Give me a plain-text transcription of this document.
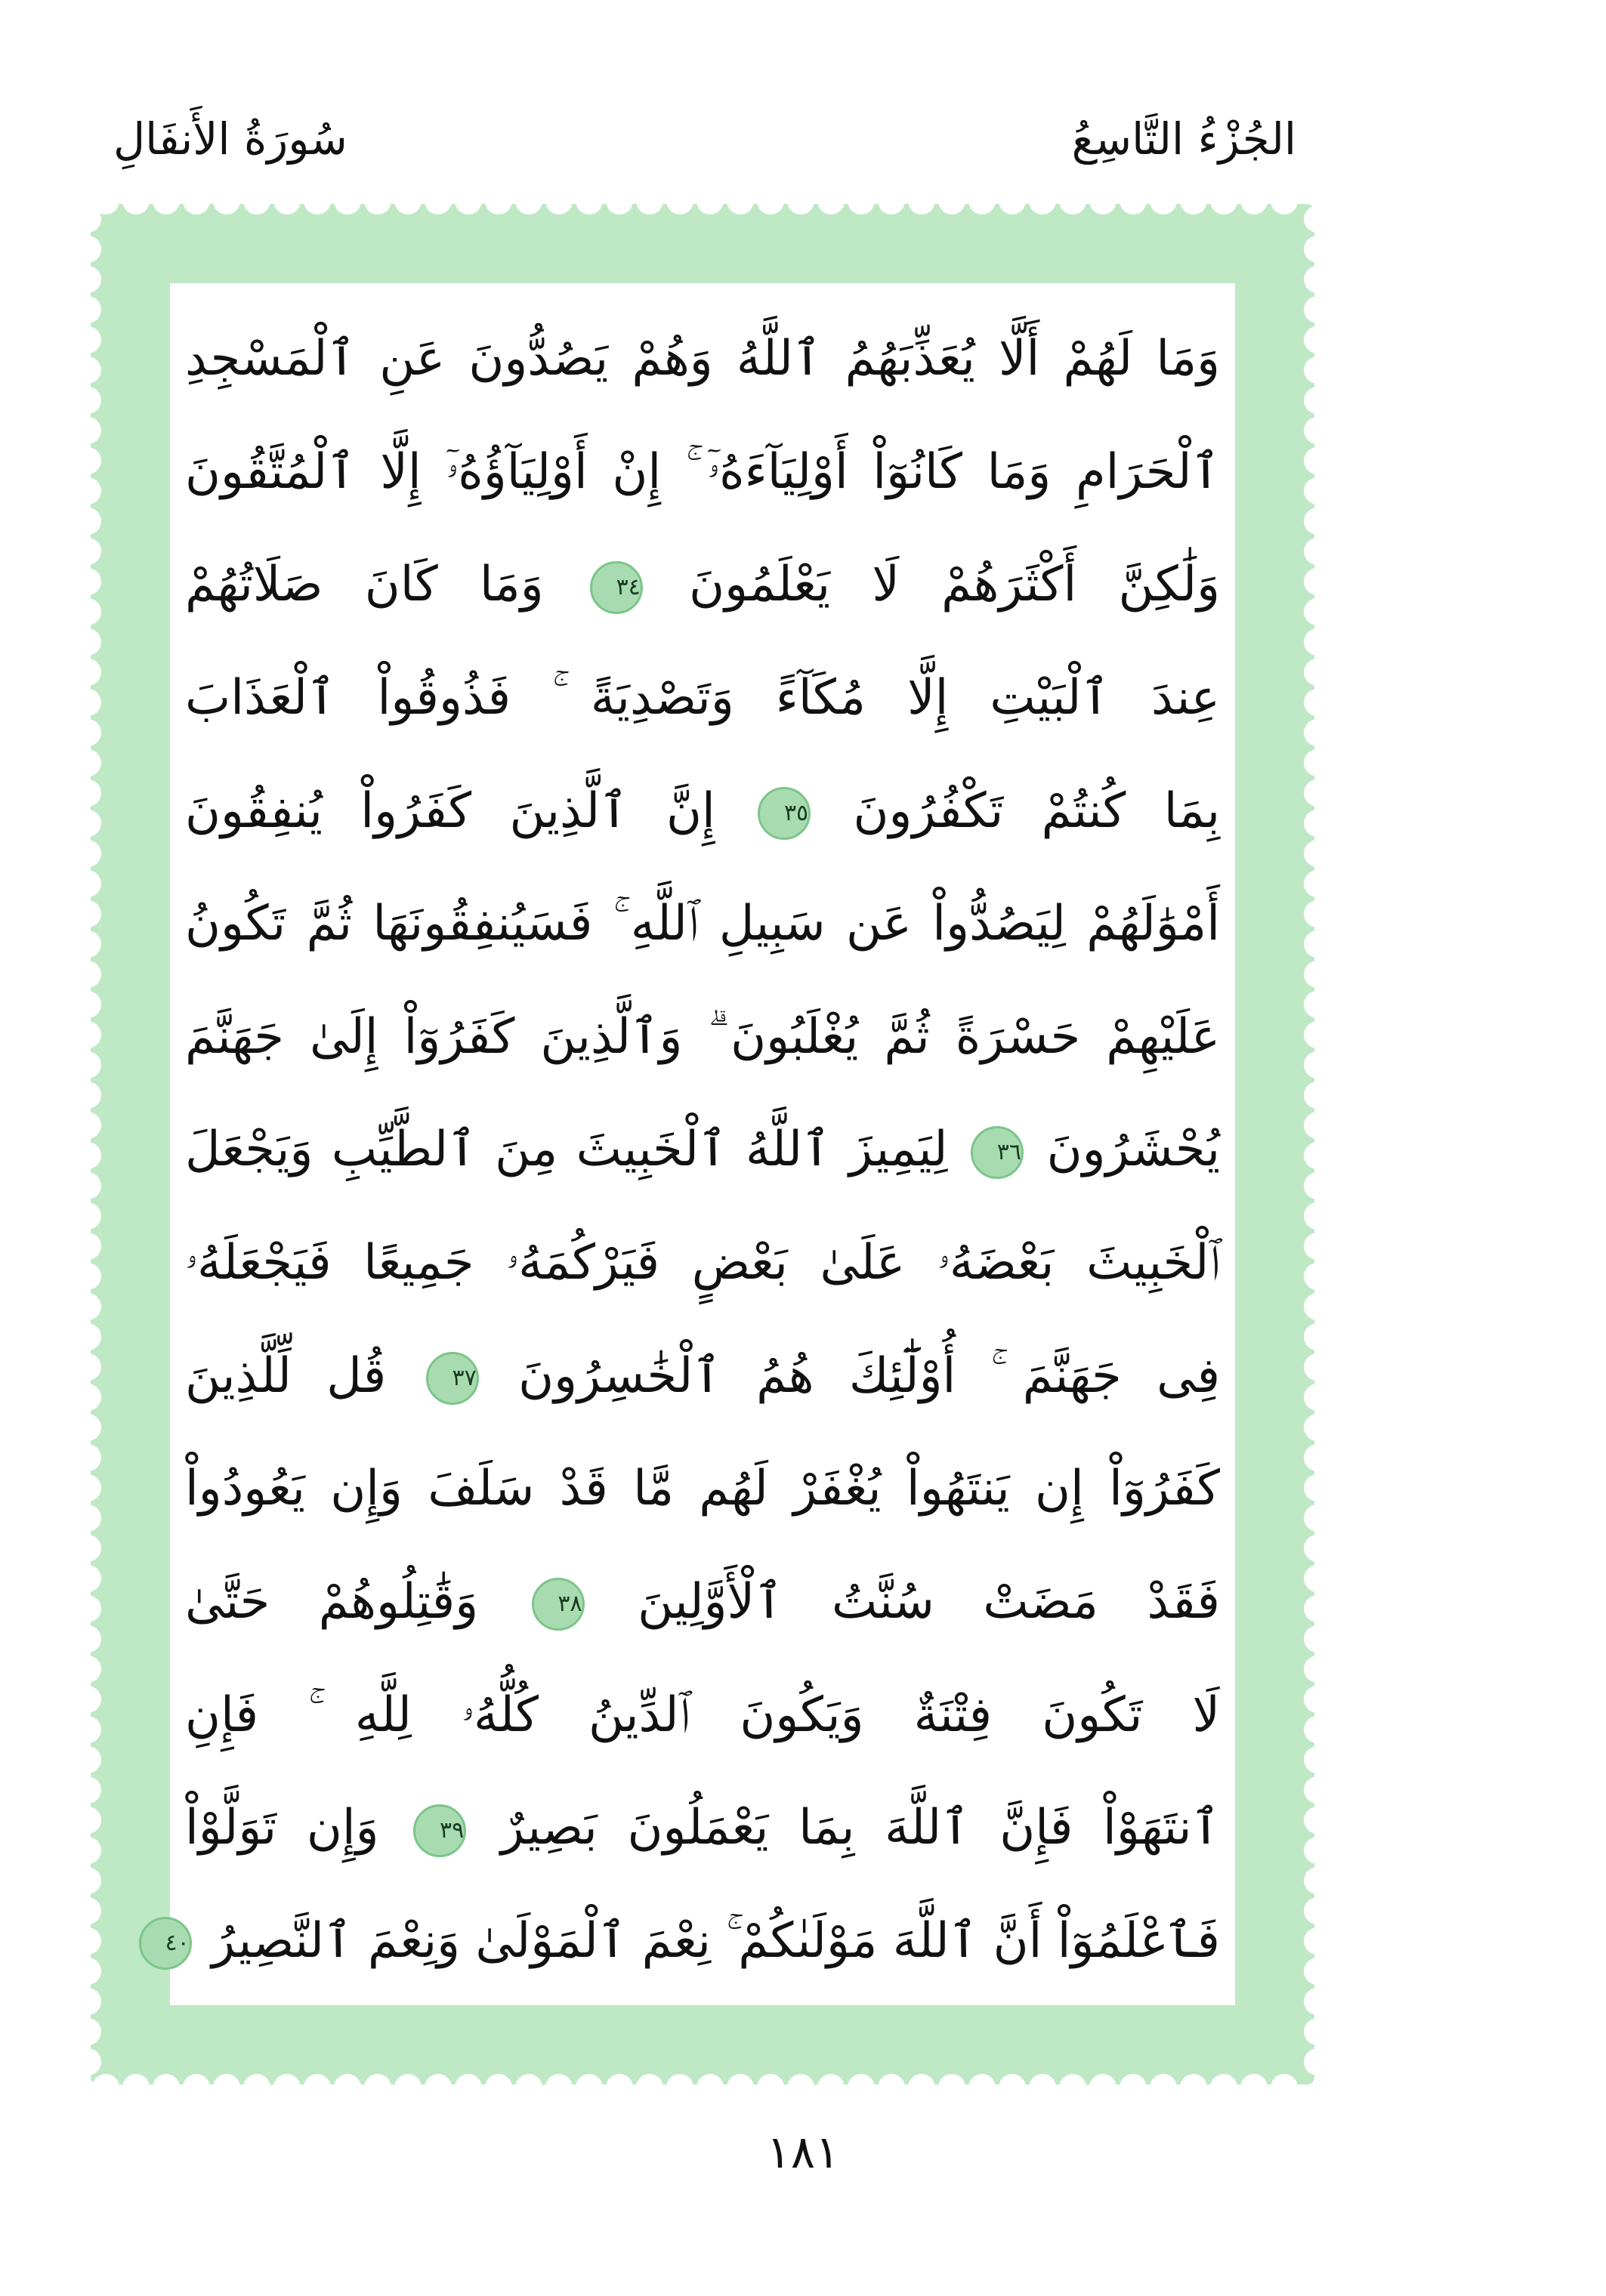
الجُزْءُ التَّاسِعُ
سُورَةُ الأَنفَالِ
وَمَا لَهُمْ أَلَّا يُعَذِّبَهُمُ ٱللَّهُ وَهُمْ يَصُدُّونَ عَنِ ٱلْمَسْجِدِ
ٱلْحَرَامِ وَمَا كَانُوٓاْ أَوْلِيَآءَهُۥٓ ۚ إِنْ أَوْلِيَآؤُهُۥٓ إِلَّا ٱلْمُتَّقُونَ
وَلَٰكِنَّ أَكْثَرَهُمْ لَا يَعْلَمُونَ ٣٤ وَمَا كَانَ صَلَاتُهُمْ
عِندَ ٱلْبَيْتِ إِلَّا مُكَآءً وَتَصْدِيَةً ۚ فَذُوقُواْ ٱلْعَذَابَ
بِمَا كُنتُمْ تَكْفُرُونَ ٣٥ إِنَّ ٱلَّذِينَ كَفَرُواْ يُنفِقُونَ
أَمْوَٰلَهُمْ لِيَصُدُّواْ عَن سَبِيلِ ٱللَّهِ ۚ فَسَيُنفِقُونَهَا ثُمَّ تَكُونُ
عَلَيْهِمْ حَسْرَةً ثُمَّ يُغْلَبُونَ ۗ وَٱلَّذِينَ كَفَرُوٓاْ إِلَىٰ جَهَنَّمَ
يُحْشَرُونَ ٣٦ لِيَمِيزَ ٱللَّهُ ٱلْخَبِيثَ مِنَ ٱلطَّيِّبِ وَيَجْعَلَ
ٱلْخَبِيثَ بَعْضَهُۥ عَلَىٰ بَعْضٍ فَيَرْكُمَهُۥ جَمِيعًا فَيَجْعَلَهُۥ
فِى جَهَنَّمَ ۚ أُوْلَٰٓئِكَ هُمُ ٱلْخَٰسِرُونَ ٣٧ قُل لِّلَّذِينَ
كَفَرُوٓاْ إِن يَنتَهُواْ يُغْفَرْ لَهُم مَّا قَدْ سَلَفَ وَإِن يَعُودُواْ
فَقَدْ مَضَتْ سُنَّتُ ٱلْأَوَّلِينَ ٣٨ وَقَٰتِلُوهُمْ حَتَّىٰ
لَا تَكُونَ فِتْنَةٌ وَيَكُونَ ٱلدِّينُ كُلُّهُۥ لِلَّهِ ۚ فَإِنِ
ٱنتَهَوْاْ فَإِنَّ ٱللَّهَ بِمَا يَعْمَلُونَ بَصِيرٌ ٣٩ وَإِن تَوَلَّوْاْ
فَٱعْلَمُوٓاْ أَنَّ ٱللَّهَ مَوْلَىٰكُمْ ۚ نِعْمَ ٱلْمَوْلَىٰ وَنِعْمَ ٱلنَّصِيرُ ٤٠
١٨١
